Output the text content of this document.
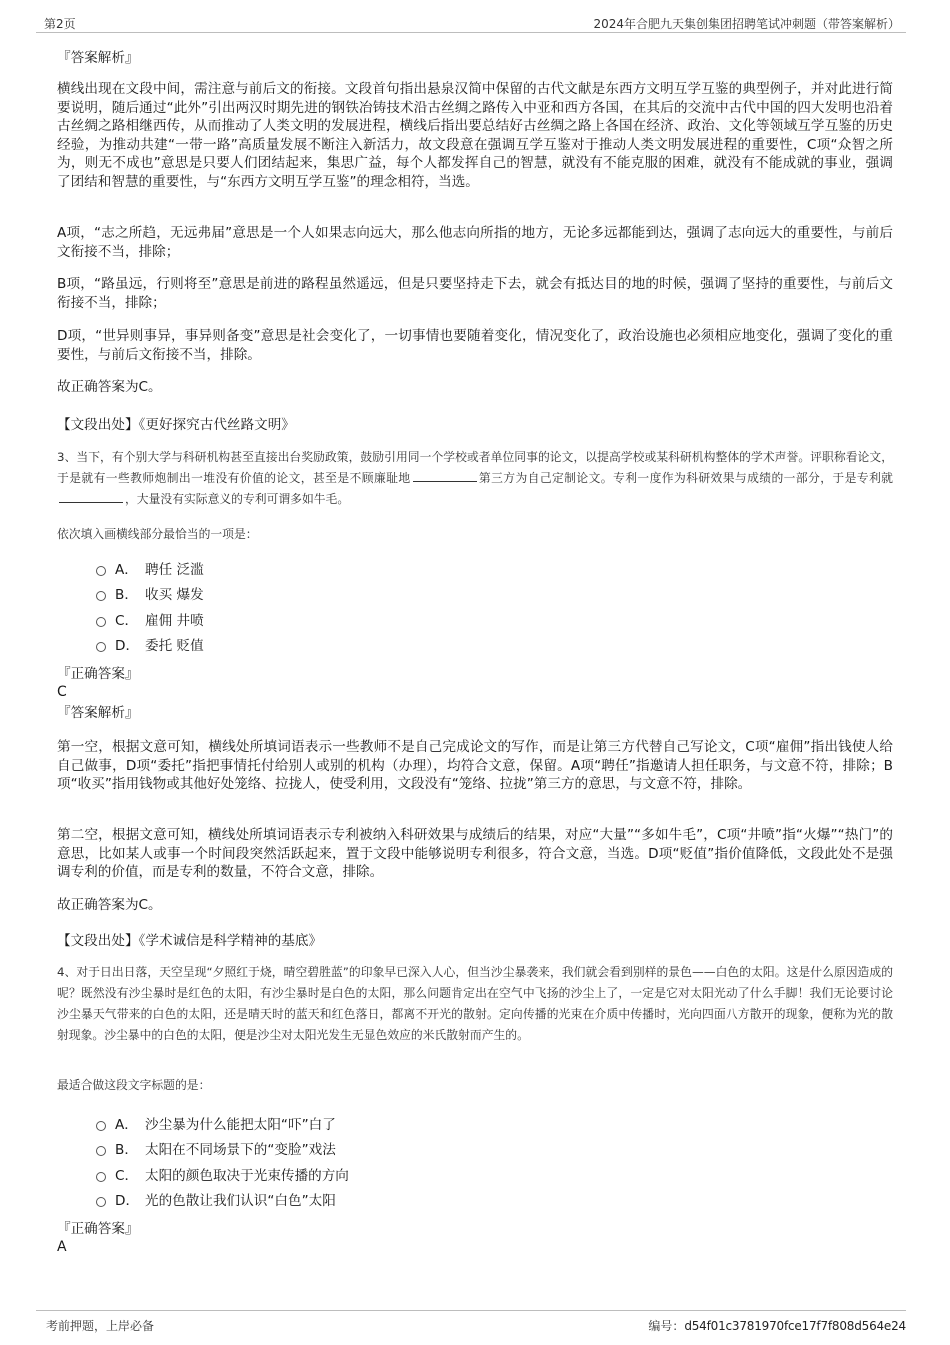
第2页	2024年合肥九天集创集团招聘笔试冲刺题（带答案解析）
『答案解析』
横线出现在文段中间，需注意与前后文的衔接。文段首句指出悬泉汉简中保留的古代文献是东西方文明互学互鉴的典型例子，并对此进行简要说明，随后通过“此外”引出两汉时期先进的钢铁冶铸技术沿古丝绸之路传入中亚和西方各国，在其后的交流中古代中国的四大发明也沿着古丝绸之路相继西传，从而推动了人类文明的发展进程，横线后指出要总结好古丝绸之路上各国在经济、政治、文化等领域互学互鉴的历史经验，为推动共建“一带一路”高质量发展不断注入新活力，故文段意在强调互学互鉴对于推动人类文明发展进程的重要性，C项“众智之所为，则无不成也”意思是只要人们团结起来，集思广益，每个人都发挥自己的智慧，就没有不能克服的困难，就没有不能成就的事业，强调了团结和智慧的重要性，与“东西方文明互学互鉴”的理念相符，当选。
A项，“志之所趋，无远弗届”意思是一个人如果志向远大，那么他志向所指的地方，无论多远都能到达，强调了志向远大的重要性，与前后文衔接不当，排除；
B项，“路虽远，行则将至”意思是前进的路程虽然遥远，但是只要坚持走下去，就会有抵达目的地的时候，强调了坚持的重要性，与前后文衔接不当，排除；
D项，“世异则事异，事异则备变”意思是社会变化了，一切事情也要随着变化，情况变化了，政治设施也必须相应地变化，强调了变化的重要性，与前后文衔接不当，排除。
故正确答案为C。
【文段出处】《更好探究古代丝路文明》
3、当下，有个别大学与科研机构甚至直接出台奖励政策，鼓励引用同一个学校或者单位同事的论文，以提高学校或某科研机构整体的学术声誉。评职称看论文，于是就有一些教师炮制出一堆没有价值的论文，甚至是不顾廉耻地	第三方为自己定制论文。专利一度作为科研效果与成绩的一部分，于是专利就，大量没有实际意义的专利可谓多如牛毛。
依次填入画横线部分最恰当的一项是：
A． 聘任 泛滥
B． 收买 爆发
C． 雇佣 井喷
D． 委托 贬值
『正确答案』
C
『答案解析』
第一空，根据文意可知，横线处所填词语表示一些教师不是自己完成论文的写作，而是让第三方代替自己写论文，C项“雇佣”指出钱使人给自己做事，D项“委托”指把事情托付给别人或别的机构（办理），均符合文意，保留。A项“聘任”指邀请人担任职务，与文意不符，排除；B项“收买”指用钱物或其他好处笼络、拉拢人，使受利用，文段没有“笼络、拉拢”第三方的意思，与文意不符，排除。
第二空，根据文意可知，横线处所填词语表示专利被纳入科研效果与成绩后的结果，对应“大量”“多如牛毛”，C项“井喷”指“火爆”“热门”的意思，比如某人或事一个时间段突然活跃起来，置于文段中能够说明专利很多，符合文意，当选。D项“贬值”指价值降低，文段此处不是强调专利的价值，而是专利的数量，不符合文意，排除。
故正确答案为C。
【文段出处】《学术诚信是科学精神的基底》
4、对于日出日落，天空呈现“夕照红于烧，晴空碧胜蓝”的印象早已深入人心，但当沙尘暴袭来，我们就会看到别样的景色——白色的太阳。这是什么原因造成的呢？既然没有沙尘暴时是红色的太阳，有沙尘暴时是白色的太阳，那么问题肯定出在空气中飞扬的沙尘上了，一定是它对太阳光动了什么手脚！我们无论要讨论沙尘暴天气带来的白色的太阳，还是晴天时的蓝天和红色落日，都离不开光的散射。定向传播的光束在介质中传播时，光向四面八方散开的现象，便称为光的散射现象。沙尘暴中的白色的太阳，便是沙尘对太阳光发生无显色效应的米氏散射而产生的。
最适合做这段文字标题的是：
A． 沙尘暴为什么能把太阳“吓”白了
B． 太阳在不同场景下的“变脸”戏法
C． 太阳的颜色取决于光束传播的方向
D． 光的色散让我们认识“白色”太阳
『正确答案』
A
考前押题，上岸必备	编号：d54f01c3781970fce17f7f808d564e24
